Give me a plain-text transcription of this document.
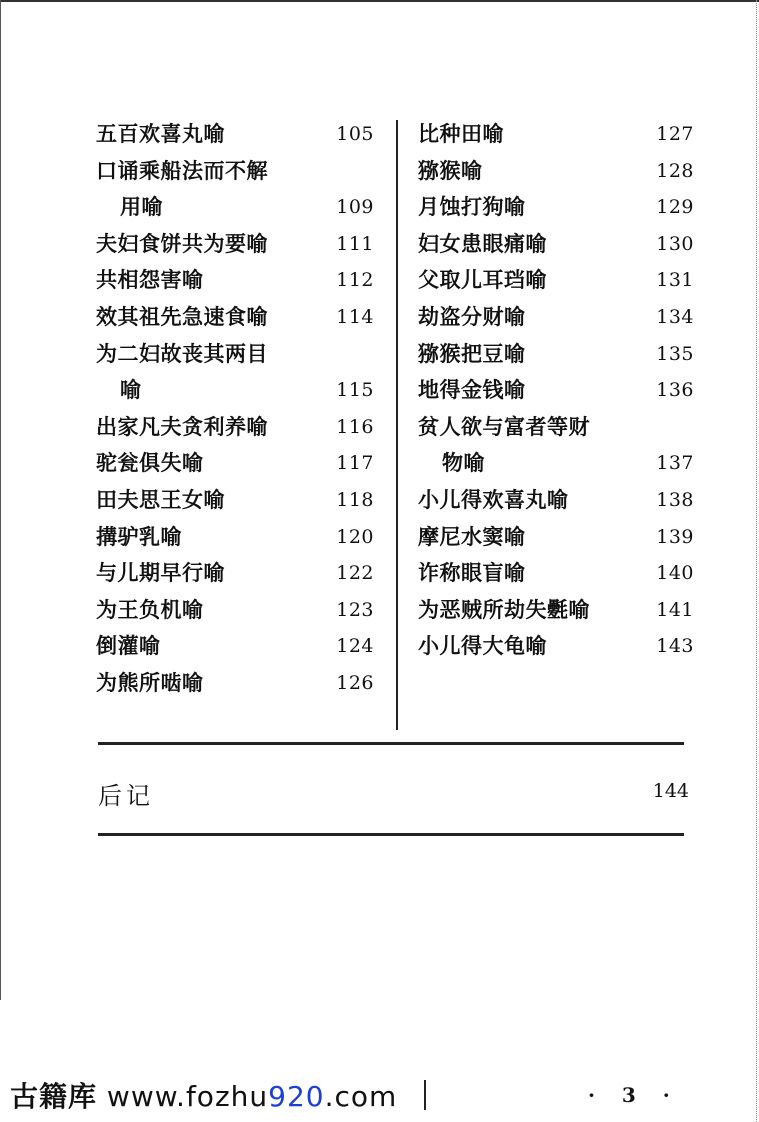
五百欢喜丸喻	105
口诵乘船法而不解
用喻	109
夫妇食饼共为要喻	111
共相怨害喻	112
效其祖先急速食喻	114
为二妇故丧其两目
喻	115
出家凡夫贪利养喻	116
驼瓮俱失喻	117
田夫思王女喻	118
搆驴乳喻	120
与儿期早行喻	122
为王负机喻	123
倒灌喻	124
为熊所啮喻	126
比种田喻	127
猕猴喻	128
月蚀打狗喻	129
妇女患眼痛喻	130
父取儿耳珰喻	131
劫盗分财喻	134
猕猴把豆喻	135
地得金钱喻	136
贫人欲与富者等财
物喻	137
小儿得欢喜丸喻	138
摩尼水窦喻	139
诈称眼盲喻	140
为恶贼所劫失氎喻	141
小儿得大龟喻	143
后记	144
古籍库 www.fozhu920.com	· 3 ·
